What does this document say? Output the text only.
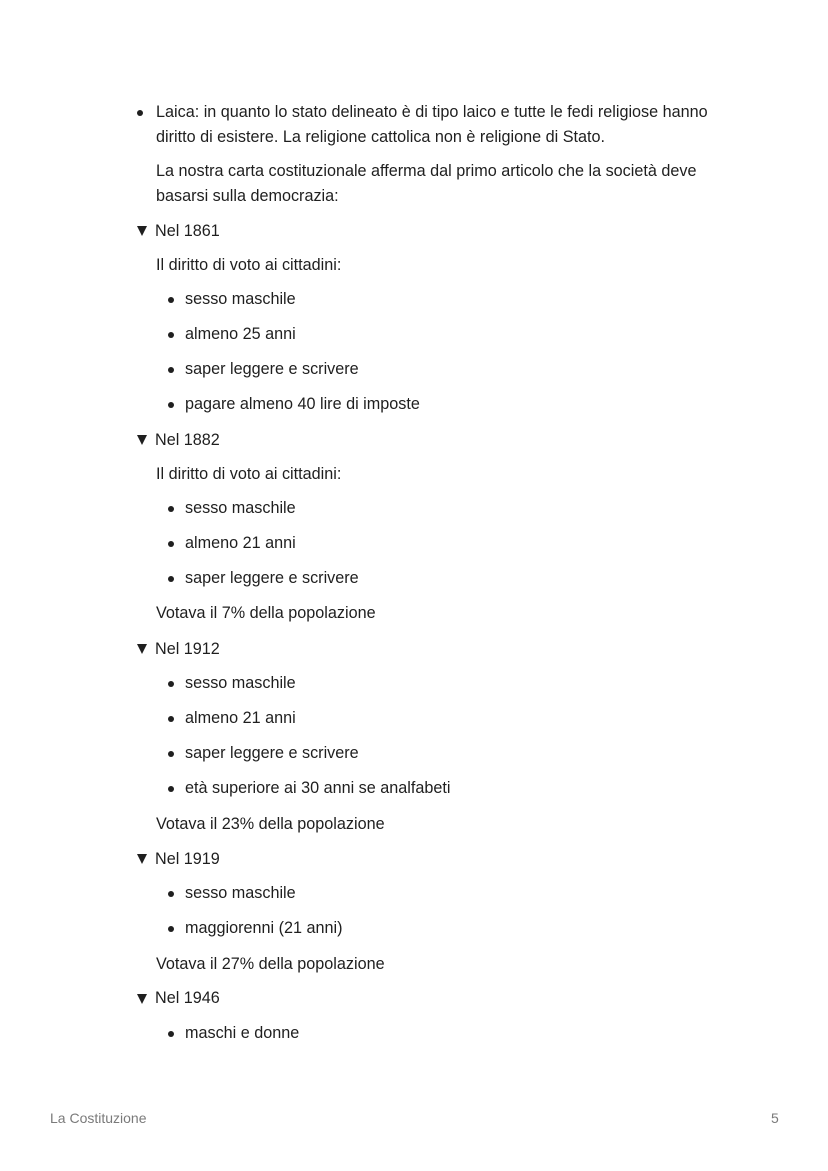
Laica: in quanto lo stato delineato è di tipo laico e tutte le fedi religiose hanno
diritto di esistere. La religione cattolica non è religione di Stato.
La nostra carta costituzionale afferma dal primo articolo che la società deve
basarsi sulla democrazia:
Nel 1861
Il diritto di voto ai cittadini:
sesso maschile
almeno 25 anni
saper leggere e scrivere
pagare almeno 40 lire di imposte
Nel 1882
Il diritto di voto ai cittadini:
sesso maschile
almeno 21 anni
saper leggere e scrivere
Votava il 7% della popolazione
Nel 1912
sesso maschile
almeno 21 anni
saper leggere e scrivere
età superiore ai 30 anni se analfabeti
Votava il 23% della popolazione
Nel 1919
sesso maschile
maggiorenni (21 anni)
Votava il 27% della popolazione
Nel 1946
maschi e donne
La Costituzione	5
